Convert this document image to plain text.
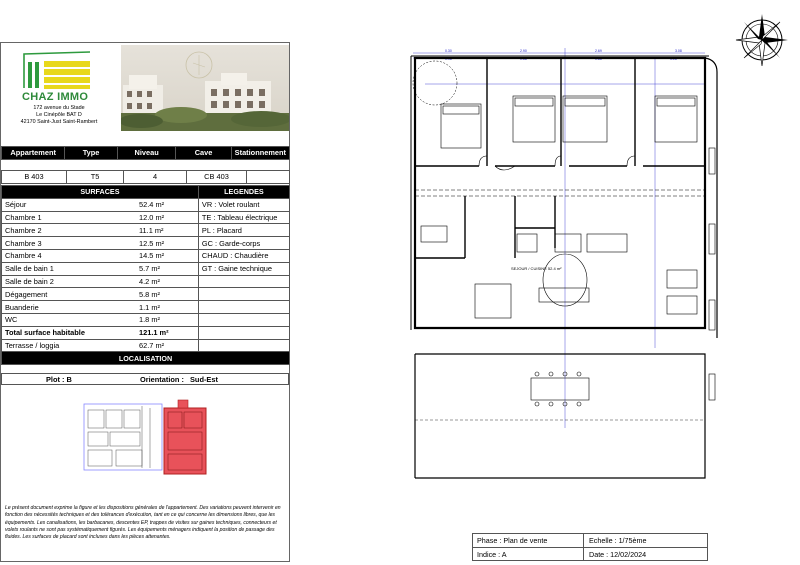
CHAZ IMMO
172 avenue du Stade
Le Cinépôle BAT D
42170 Saint-Just Saint-Rambert
Appartement	Type	Niveau	Cave	Stationnement
B 403	T5	4	CB 403	
SURFACES		LEGENDES
Séjour	52.4 m²	VR : Volet roulant
Chambre 1	12.0 m²	TE : Tableau électrique
Chambre 2	11.1 m²	PL : Placard
Chambre 3	12.5 m²	GC : Garde-corps
Chambre 4	14.5 m²	CHAUD : Chaudière
Salle de bain 1	5.7 m²	GT : Gaine technique
Salle de bain 2	4.2 m²	
Dégagement	5.8 m²	
Buanderie	1.1 m²	
WC	1.8 m²	
Total surface habitable	121.1 m²	
Terrasse / loggia	62.7 m²	
LOCALISATION		
Plot : B	Orientation : Sud-Est
Le présent document exprime la figure et les dispositions générales de l'appartement. Des variations peuvent intervenir en fonction des nécessités techniques et des tolérances d'exécution, tant en ce qui concerne les dimensions libres, que les équipements. Les canalisations, les barbacanes, descentes EP, trappes de visites sur gaines techniques, connecteurs et volets roulants ne sont pas systématiquement figurés. Les équipements ménagers indiquent la position de passage des fluides. Les surfaces de placard sont incluses dans les pièces attenantes.
0.30	2.90	2.69	3.08
0.98	0.68	0.86	1.16
SEJOUR / CUISINE 52.4 m²
Phase : Plan de vente	Echelle : 1/75ème
Indice : A	Date : 12/02/2024
